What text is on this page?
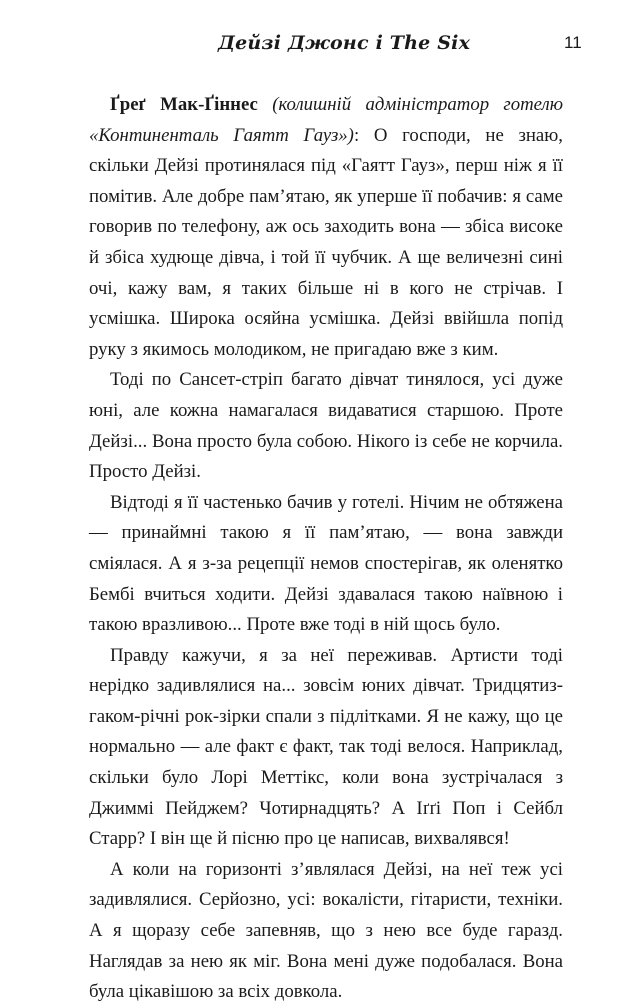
Дейзі Джонс і The Six	11

Ґреґ Мак-Ґіннес (колишній адміністратор готелю «Континенталь Гаятт Гауз»): О господи, не знаю, скільки Дейзі протинялася під «Гаятт Гауз», перш ніж я її помітив. Але добре пам’ятаю, як уперше її побачив: я саме говорив по телефону, аж ось заходить вона — збіса високе й збіса худюще дівча, і той її чубчик. А ще величезні сині очі, кажу вам, я таких більше ні в кого не стрічав. І усмішка. Широка осяйна усмішка. Дейзі ввійшла попід руку з якимось молодиком, не пригадаю вже з ким.

Тоді по Сансет-стріп багато дівчат тинялося, усі дуже юні, але кожна намагалася видаватися старшою. Проте Дейзі... Вона просто була собою. Нікого із себе не корчила. Просто Дейзі.

Відтоді я її частенько бачив у готелі. Нічим не обтяжена — принаймні такою я її пам’ятаю, — вона завжди сміялася. А я з-за рецепції немов спостерігав, як оленятко Бембі вчиться ходити. Дейзі здавалася такою наївною і такою вразливою... Проте вже тоді в ній щось було.

Правду кажучи, я за неї переживав. Артисти тоді нерідко задивлялися на... зовсім юних дівчат. Тридцятиз-гаком-річні рок-зірки спали з підлітками. Я не кажу, що це нормально — але факт є факт, так тоді велося. Наприклад, скільки було Лорі Меттікс, коли вона зустрічалася з Джиммі Пейджем? Чотирнадцять? А Іґґі Поп і Сейбл Старр? І він ще й пісню про це написав, вихвалявся!

А коли на горизонті з’являлася Дейзі, на неї теж усі задивлялися. Серйозно, усі: вокалісти, гітаристи, техніки. А я щоразу себе запевняв, що з нею все буде гаразд. Наглядав за нею як міг. Вона мені дуже подобалася. Вона була цікавішою за всіх довкола.
